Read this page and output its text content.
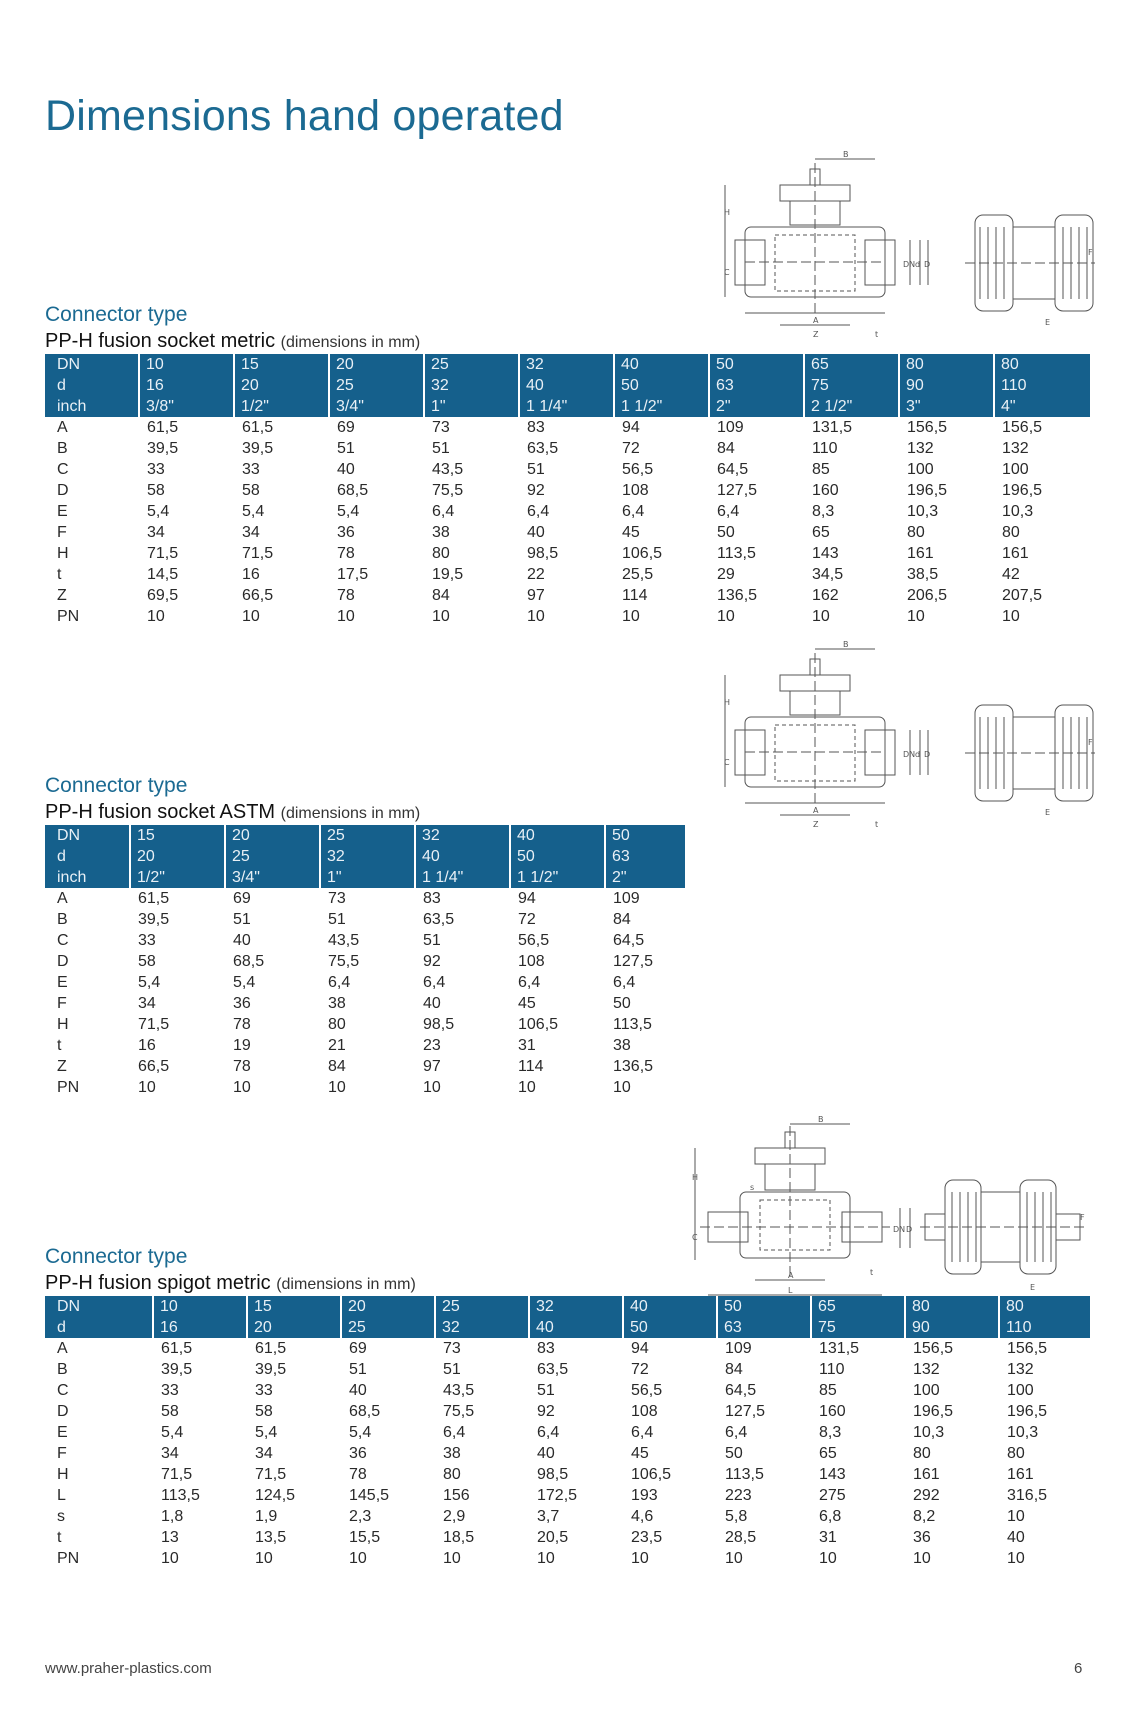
Dimensions hand operated
Connector type
PP-H fusion socket metric (dimensions in mm)
DN	10	15	20	25	32	40	50	65	80	80
d	16	20	25	32	40	50	63	75	90	110
inch	3/8"	1/2"	3/4"	1"	1 1/4"	1 1/2"	2"	2 1/2"	3"	4"
A	61,5	61,5	69	73	83	94	109	131,5	156,5	156,5
B	39,5	39,5	51	51	63,5	72	84	110	132	132
C	33	33	40	43,5	51	56,5	64,5	85	100	100
D	58	58	68,5	75,5	92	108	127,5	160	196,5	196,5
E	5,4	5,4	5,4	6,4	6,4	6,4	6,4	8,3	10,3	10,3
F	34	34	36	38	40	45	50	65	80	80
H	71,5	71,5	78	80	98,5	106,5	113,5	143	161	161
t	14,5	16	17,5	19,5	22	25,5	29	34,5	38,5	42
Z	69,5	66,5	78	84	97	114	136,5	162	206,5	207,5
PN	10	10	10	10	10	10	10	10	10	10
Connector type
PP-H fusion socket ASTM (dimensions in mm)
DN	15	20	25	32	40	50
d	20	25	32	40	50	63
inch	1/2"	3/4"	1"	1 1/4"	1 1/2"	2"
A	61,5	69	73	83	94	109
B	39,5	51	51	63,5	72	84
C	33	40	43,5	51	56,5	64,5
D	58	68,5	75,5	92	108	127,5
E	5,4	5,4	6,4	6,4	6,4	6,4
F	34	36	38	40	45	50
H	71,5	78	80	98,5	106,5	113,5
t	16	19	21	23	31	38
Z	66,5	78	84	97	114	136,5
PN	10	10	10	10	10	10
Connector type
PP-H fusion spigot metric (dimensions in mm)
DN	10	15	20	25	32	40	50	65	80	80
d	16	20	25	32	40	50	63	75	90	110
A	61,5	61,5	69	73	83	94	109	131,5	156,5	156,5
B	39,5	39,5	51	51	63,5	72	84	110	132	132
C	33	33	40	43,5	51	56,5	64,5	85	100	100
D	58	58	68,5	75,5	92	108	127,5	160	196,5	196,5
E	5,4	5,4	5,4	6,4	6,4	6,4	6,4	8,3	10,3	10,3
F	34	34	36	38	40	45	50	65	80	80
H	71,5	71,5	78	80	98,5	106,5	113,5	143	161	161
L	113,5	124,5	145,5	156	172,5	193	223	275	292	316,5
s	1,8	1,9	2,3	2,9	3,7	4,6	5,8	6,8	8,2	10
t	13	13,5	15,5	18,5	20,5	23,5	28,5	31	36	40
PN	10	10	10	10	10	10	10	10	10	10
B
H
C
DN d D
A
Z	t
F
E
B
H
C
DN d D
A
Z	t
F
E
B
H
C
DN D
A
L
t
F
E
s
www.praher-plastics.com	6
